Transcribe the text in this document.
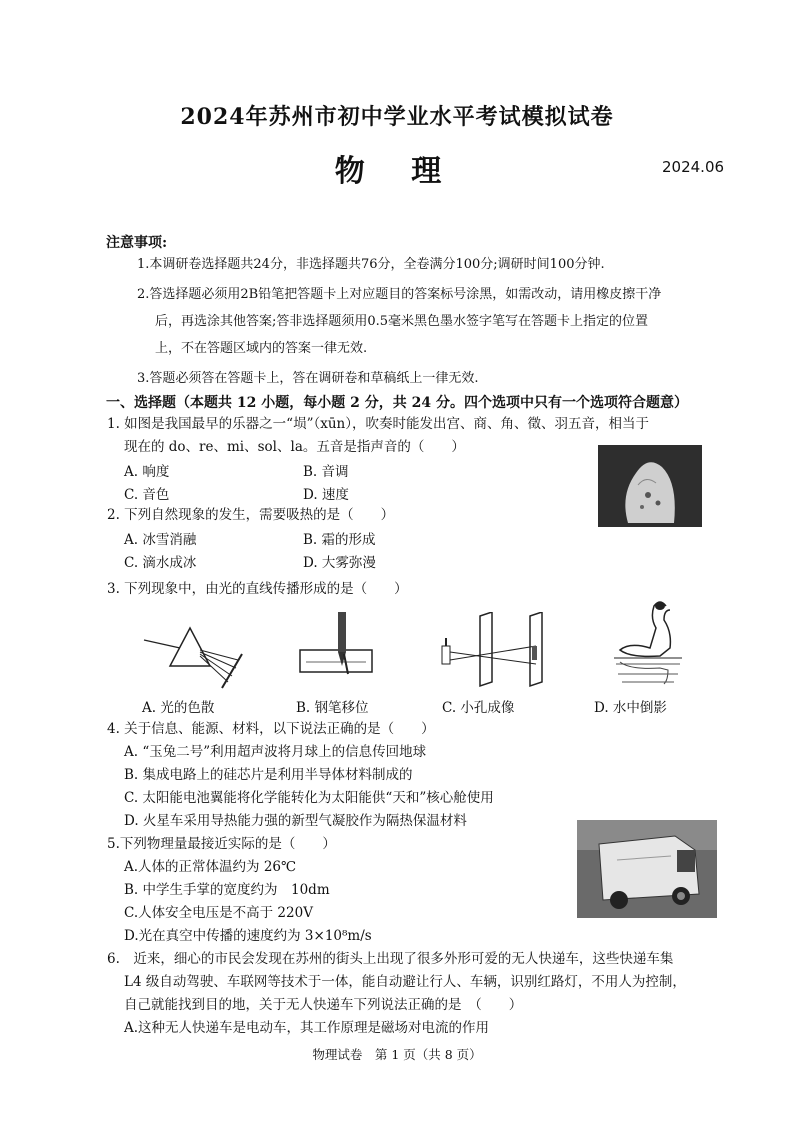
2024年苏州市初中学业水平考试模拟试卷
物 理	2024.06
注意事项:
1.本调研卷选择题共24分，非选择题共76分，全卷满分100分;调研时间100分钟.
2.答选择题必须用2B铅笔把答题卡上对应题目的答案标号涂黑，如需改动，请用橡皮擦干净
后，再选涂其他答案;答非选择题须用0.5毫米黑色墨水签字笔写在答题卡上指定的位置
上，不在答题区域内的答案一律无效.
3.答题必须答在答题卡上，答在调研卷和草稿纸上一律无效.
一、选择题（本题共 12 小题，每小题 2 分，共 24 分。四个选项中只有一个选项符合题意）
1. 如图是我国最早的乐器之一“埙”（xūn），吹奏时能发出宫、商、角、徵、羽五音，相当于
现在的 do、re、mi、sol、la。五音是指声音的（　　）
A. 响度	B. 音调
C. 音色	D. 速度
2. 下列自然现象的发生，需要吸热的是（　　）
A. 冰雪消融	B. 霜的形成
C. 滴水成冰	D. 大雾弥漫
3. 下列现象中，由光的直线传播形成的是（　　）
A. 光的色散	B. 钢笔移位	C. 小孔成像	D. 水中倒影
4. 关于信息、能源、材料，以下说法正确的是（　　）
A. “玉兔二号”利用超声波将月球上的信息传回地球
B. 集成电路上的硅芯片是利用半导体材料制成的
C. 太阳能电池翼能将化学能转化为太阳能供“天和”核心舱使用
D. 火星车采用导热能力强的新型气凝胶作为隔热保温材料
5.下列物理量最接近实际的是（　　）
A.人体的正常体温约为 26℃
B. 中学生手掌的宽度约为　10dm
C.人体安全电压是不高于 220V
D.光在真空中传播的速度约为 3×10⁸m/s
6.　近来，细心的市民会发现在苏州的街头上出现了很多外形可爱的无人快递车，这些快递车集
L4 级自动驾驶、车联网等技术于一体，能自动避让行人、车辆，识别红路灯，不用人为控制，
自己就能找到目的地，关于无人快递车下列说法正确的是　（　　）
A.这种无人快递车是电动车，其工作原理是磁场对电流的作用
物理试卷　第 1 页（共 8 页）
